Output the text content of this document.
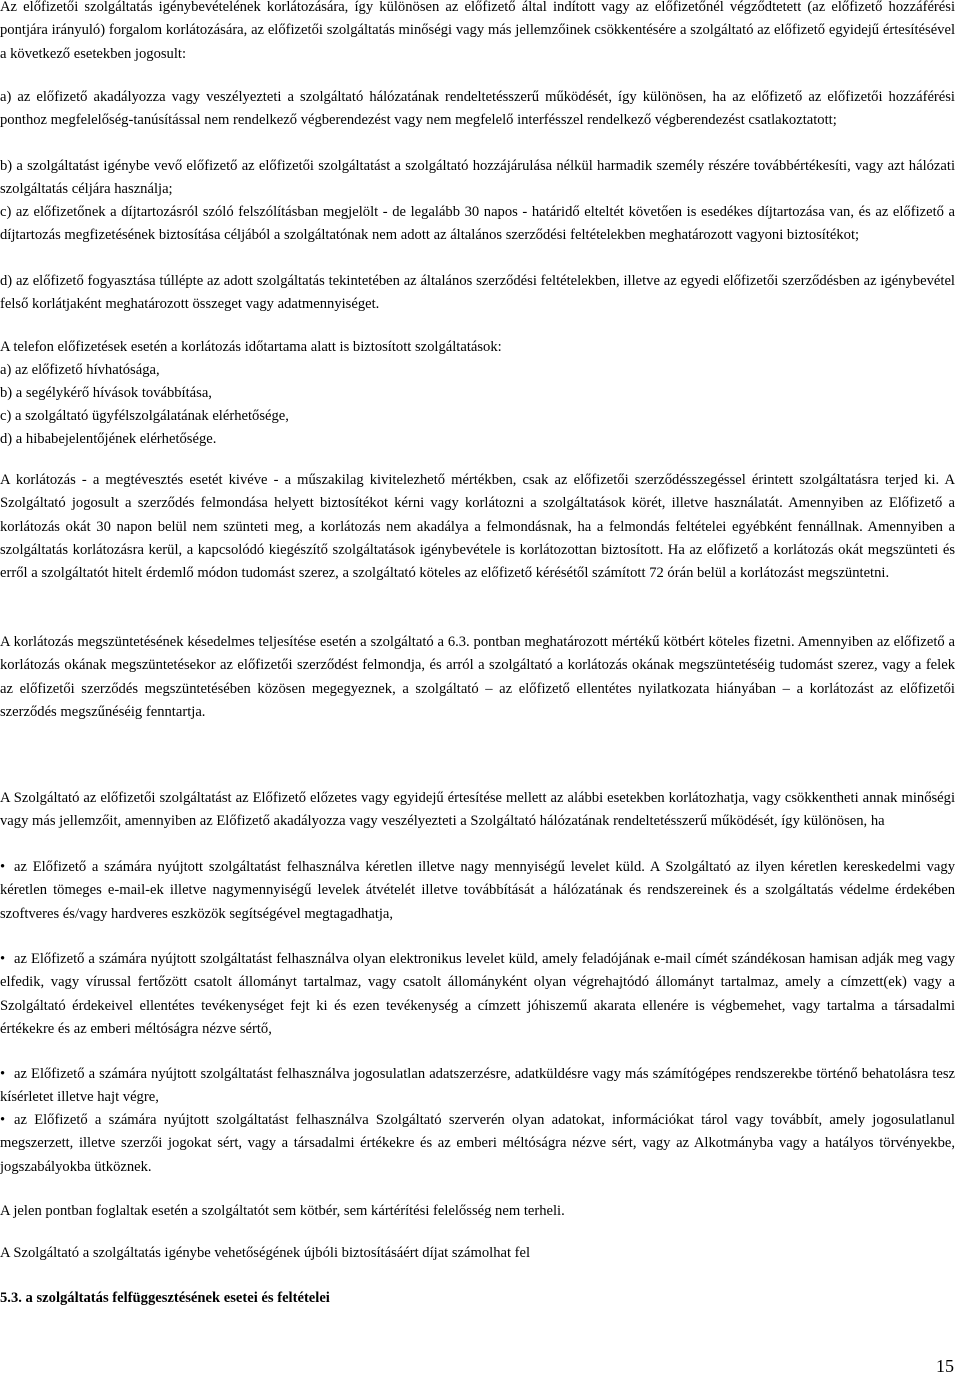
Az előfizetői szolgáltatás igénybevételének korlátozására, így különösen az előfizető által indított vagy az előfizetőnél végződtetett (az előfizető hozzáférési pontjára irányuló) forgalom korlátozására, az előfizetői szolgáltatás minőségi vagy más jellemzőinek csökkentésére a szolgáltató az előfizető egyidejű értesítésével a következő esetekben jogosult:
a) az előfizető akadályozza vagy veszélyezteti a szolgáltató hálózatának rendeltetésszerű működését, így különösen, ha az előfizető az előfizetői hozzáférési ponthoz megfelelőség-tanúsítással nem rendelkező végberendezést vagy nem megfelelő interfésszel rendelkező végberendezést csatlakoztatott;
b) a szolgáltatást igénybe vevő előfizető az előfizetői szolgáltatást a szolgáltató hozzájárulása nélkül harmadik személy részére továbbértékesíti, vagy azt hálózati szolgáltatás céljára használja;
c) az előfizetőnek a díjtartozásról szóló felszólításban megjelölt - de legalább 30 napos - határidő elteltét követően is esedékes díjtartozása van, és az előfizető a díjtartozás megfizetésének biztosítása céljából a szolgáltatónak nem adott az általános szerződési feltételekben meghatározott vagyoni biztosítékot;
d) az előfizető fogyasztása túllépte az adott szolgáltatás tekintetében az általános szerződési feltételekben, illetve az egyedi előfizetői szerződésben az igénybevétel felső korlátjaként meghatározott összeget vagy adatmennyiséget.
A telefon előfizetések esetén a korlátozás időtartama alatt is biztosított szolgáltatások:
a) az előfizető hívhatósága,
b) a segélykérő hívások továbbítása,
c) a szolgáltató ügyfélszolgálatának elérhetősége,
d) a hibabejelentőjének elérhetősége.
A korlátozás - a megtévesztés esetét kivéve - a műszakilag kivitelezhető mértékben, csak az előfizetői szerződésszegéssel érintett szolgáltatásra terjed ki. A Szolgáltató jogosult a szerződés felmondása helyett biztosítékot kérni vagy korlátozni a szolgáltatások körét, illetve használatát. Amennyiben az Előfizető a korlátozás okát 30 napon belül nem szünteti meg, a korlátozás nem akadálya a felmondásnak, ha a felmondás feltételei egyébként fennállnak. Amennyiben a szolgáltatás korlátozásra kerül, a kapcsolódó kiegészítő szolgáltatások igénybevétele is korlátozottan biztosított. Ha az előfizető a korlátozás okát megszünteti és erről a szolgáltatót hitelt érdemlő módon tudomást szerez, a szolgáltató köteles az előfizető kérésétől számított 72 órán belül a korlátozást megszüntetni.
A korlátozás megszüntetésének késedelmes teljesítése esetén a szolgáltató a 6.3. pontban meghatározott mértékű kötbért köteles fizetni. Amennyiben az előfizető a korlátozás okának megszüntetésekor az előfizetői szerződést felmondja, és arról a szolgáltató a korlátozás okának megszüntetéséig tudomást szerez, vagy a felek az előfizetői szerződés megszüntetésében közösen megegyeznek, a szolgáltató – az előfizető ellentétes nyilatkozata hiányában – a korlátozást az előfizetői szerződés megszűnéséig fenntartja.
A Szolgáltató az előfizetői szolgáltatást az Előfizető előzetes vagy egyidejű értesítése mellett az alábbi esetekben korlátozhatja, vagy csökkentheti annak minőségi vagy más jellemzőit, amennyiben az Előfizető akadályozza vagy veszélyezteti a Szolgáltató hálózatának rendeltetésszerű működését, így különösen, ha
• az Előfizető a számára nyújtott szolgáltatást felhasználva kéretlen illetve nagy mennyiségű levelet küld. A Szolgáltató az ilyen kéretlen kereskedelmi vagy kéretlen tömeges e-mail-ek illetve nagymennyiségű levelek átvételét illetve továbbítását a hálózatának és rendszereinek és a szolgáltatás védelme érdekében szoftveres és/vagy hardveres eszközök segítségével megtagadhatja,
• az Előfizető a számára nyújtott szolgáltatást felhasználva olyan elektronikus levelet küld, amely feladójának e-mail címét szándékosan hamisan adják meg vagy elfedik, vagy vírussal fertőzött csatolt állományt tartalmaz, vagy csatolt állományként olyan végrehajtódó állományt tartalmaz, amely a címzett(ek) vagy a Szolgáltató érdekeivel ellentétes tevékenységet fejt ki és ezen tevékenység a címzett jóhiszemű akarata ellenére is végbemehet, vagy tartalma a társadalmi értékekre és az emberi méltóságra nézve sértő,
• az Előfizető a számára nyújtott szolgáltatást felhasználva jogosulatlan adatszerzésre, adatküldésre vagy más számítógépes rendszerekbe történő behatolásra tesz kísérletet illetve hajt végre,
• az Előfizető a számára nyújtott szolgáltatást felhasználva Szolgáltató szerverén olyan adatokat, információkat tárol vagy továbbít, amely jogosulatlanul megszerzett, illetve szerzői jogokat sért, vagy a társadalmi értékekre és az emberi méltóságra nézve sért, vagy az Alkotmányba vagy a hatályos törvényekbe, jogszabályokba ütköznek.
A jelen pontban foglaltak esetén a szolgáltatót sem kötbér, sem kártérítési felelősség nem terheli.
A Szolgáltató a szolgáltatás igénybe vehetőségének újbóli biztosításáért díjat számolhat fel
5.3. a szolgáltatás felfüggesztésének esetei és feltételei
15
